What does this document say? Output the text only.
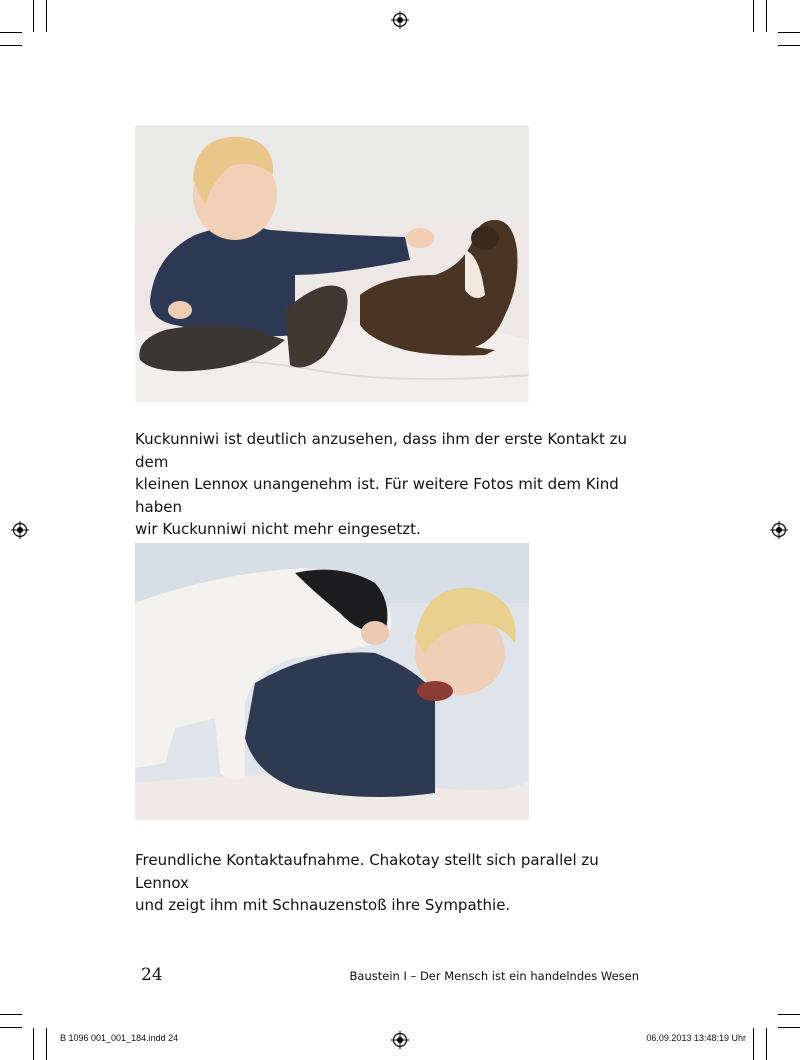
Kuckunniwi ist deutlich anzusehen, dass ihm der erste Kontakt zu dem

kleinen Lennox unangenehm ist. Für weitere Fotos mit dem Kind haben

wir Kuckunniwi nicht mehr eingesetzt.

Freundliche Kontaktaufnahme. Chakotay stellt sich parallel zu Lennox

und zeigt ihm mit Schnauzenstoß ihre Sympathie.

24	Baustein I – Der Mensch ist ein handelndes Wesen
B 1096 001_001_184.indd 24	06.09.2013 13:48:19 Uhr
